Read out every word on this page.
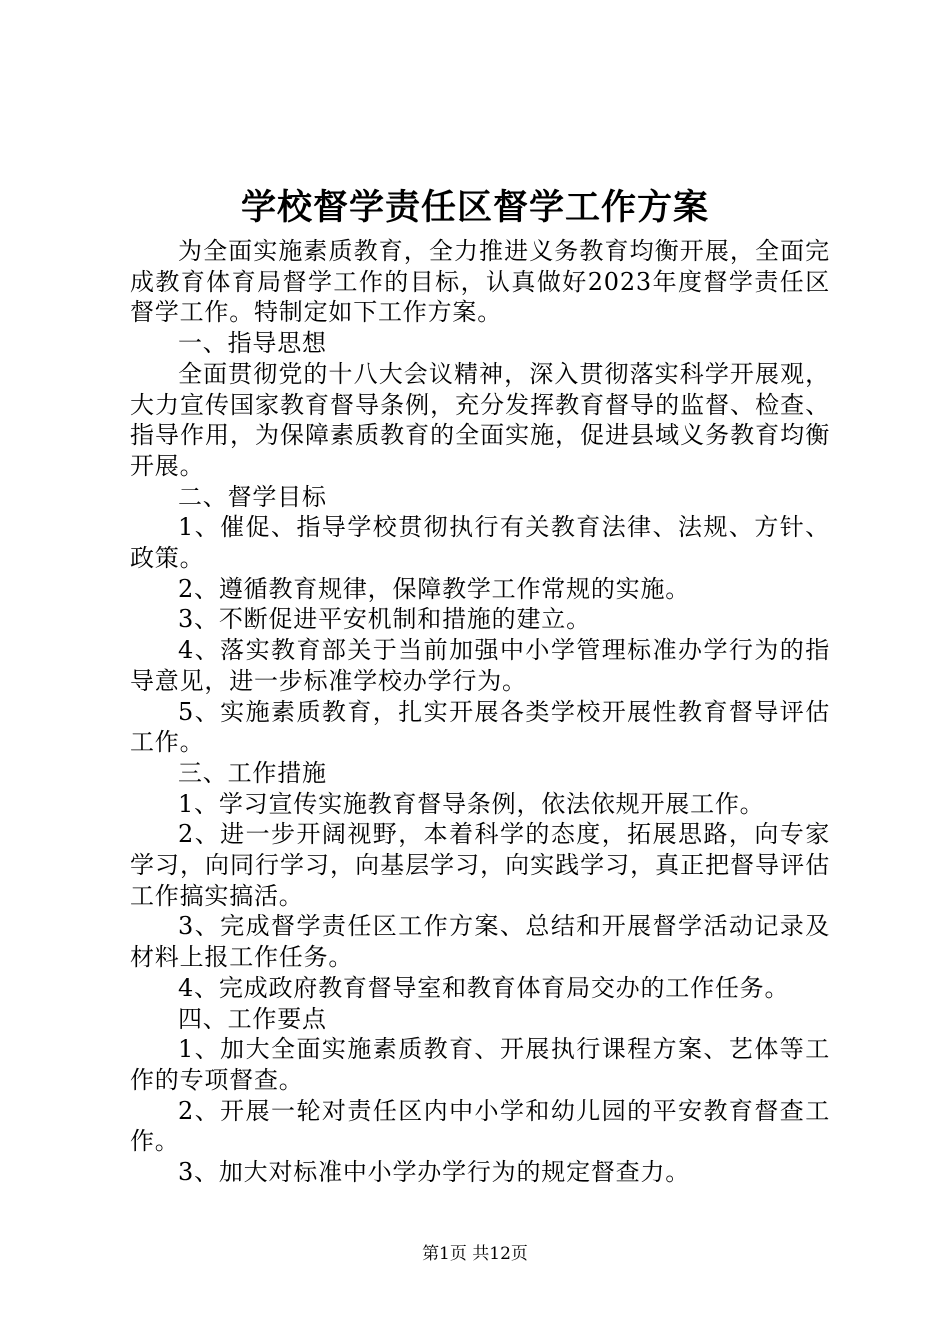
学校督学责任区督学工作方案

为全面实施素质教育，全力推进义务教育均衡开展，全面完成教育体育局督学工作的目标，认真做好2023年度督学责任区督学工作。特制定如下工作方案。

一、指导思想

全面贯彻党的十八大会议精神，深入贯彻落实科学开展观，大力宣传国家教育督导条例，充分发挥教育督导的监督、检查、指导作用，为保障素质教育的全面实施，促进县域义务教育均衡开展。

二、督学目标

1、催促、指导学校贯彻执行有关教育法律、法规、方针、政策。

2、遵循教育规律，保障教学工作常规的实施。

3、不断促进平安机制和措施的建立。

4、落实教育部关于当前加强中小学管理标准办学行为的指导意见，进一步标准学校办学行为。

5、实施素质教育，扎实开展各类学校开展性教育督导评估工作。

三、工作措施

1、学习宣传实施教育督导条例，依法依规开展工作。

2、进一步开阔视野，本着科学的态度，拓展思路，向专家学习，向同行学习，向基层学习，向实践学习，真正把督导评估工作搞实搞活。

3、完成督学责任区工作方案、总结和开展督学活动记录及材料上报工作任务。

4、完成政府教育督导室和教育体育局交办的工作任务。

四、工作要点

1、加大全面实施素质教育、开展执行课程方案、艺体等工作的专项督查。

2、开展一轮对责任区内中小学和幼儿园的平安教育督查工作。

3、加大对标准中小学办学行为的规定督查力。

第1页 共12页
